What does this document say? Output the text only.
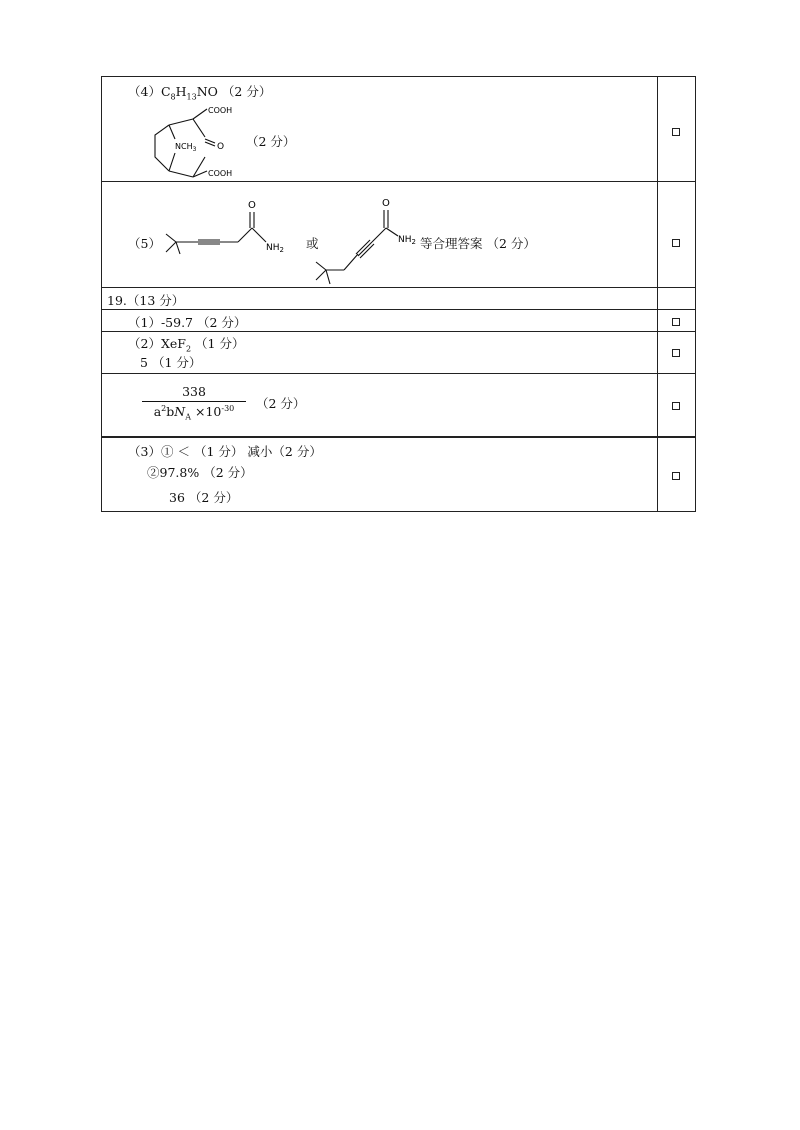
$(4)C_8H_{13}NO$ （2 分）
COOH
COOH
$NCH_3$ O （2 分）
（5）
O
$NH_2$ 或
O
$NH_2$ 等合理答案 （2 分）
19.（13 分）
（1）-59.7 （2 分）
（2）XeF$_2$ （1 分）
5 （1 分）
338
$a^2bN_A \times 10^{-30}$	（2 分）
（3）① ＜ （1 分） 减小（2 分）
②97.8% （2 分）
36 （2 分）
